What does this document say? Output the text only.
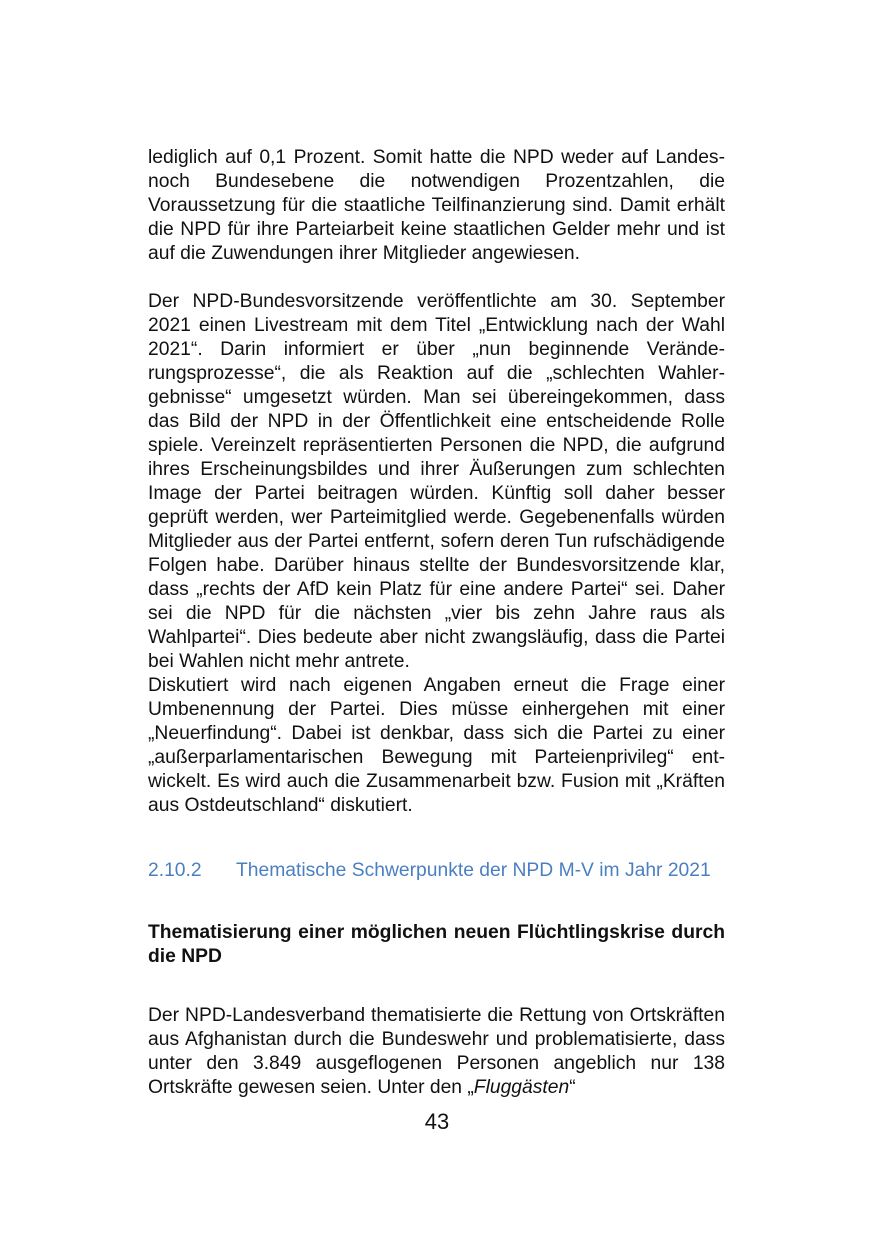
lediglich auf 0,1 Prozent. Somit hatte die NPD weder auf Landes- noch Bundesebene die notwendigen Prozentzahlen, die Voraussetzung für die staatliche Teilfinanzierung sind. Damit erhält die NPD für ihre Parteiarbeit keine staatlichen Gelder mehr und ist auf die Zuwendungen ihrer Mitglieder angewiesen.

Der NPD-Bundesvorsitzende veröffentlichte am 30. September 2021 einen Livestream mit dem Titel „Entwicklung nach der Wahl 2021“. Darin informiert er über „nun beginnende Veränderungsprozesse“, die als Reaktion auf die „schlechten Wahlergebnisse“ umgesetzt würden. Man sei übereingekommen, dass das Bild der NPD in der Öffentlichkeit eine entscheidende Rolle spiele. Vereinzelt repräsentierten Personen die NPD, die aufgrund ihres Erscheinungsbildes und ihrer Äußerungen zum schlechten Image der Partei beitragen würden. Künftig soll daher besser geprüft werden, wer Parteimitglied werde. Gegebenenfalls würden Mitglieder aus der Partei entfernt, sofern deren Tun rufschädigende Folgen habe. Darüber hinaus stellte der Bundesvorsitzende klar, dass „rechts der AfD kein Platz für eine andere Partei“ sei. Daher sei die NPD für die nächsten „vier bis zehn Jahre raus als Wahlpartei“. Dies bedeute aber nicht zwangsläufig, dass die Partei bei Wahlen nicht mehr antrete.

Diskutiert wird nach eigenen Angaben erneut die Frage einer Umbenennung der Partei. Dies müsse einhergehen mit einer „Neuerfindung“. Dabei ist denkbar, dass sich die Partei zu einer „außerparlamentarischen Bewegung mit Parteienprivileg“ entwickelt. Es wird auch die Zusammenarbeit bzw. Fusion mit „Kräften aus Ostdeutschland“ diskutiert.

2.10.2	Thematische Schwerpunkte der NPD M-V im Jahr 2021
Thematisierung einer möglichen neuen Flüchtlingskrise durch die NPD

Der NPD-Landesverband thematisierte die Rettung von Ortskräften aus Afghanistan durch die Bundeswehr und problematisierte, dass unter den 3.849 ausgeflogenen Personen angeblich nur 138 Ortskräfte gewesen seien. Unter den „Fluggästen“

43
